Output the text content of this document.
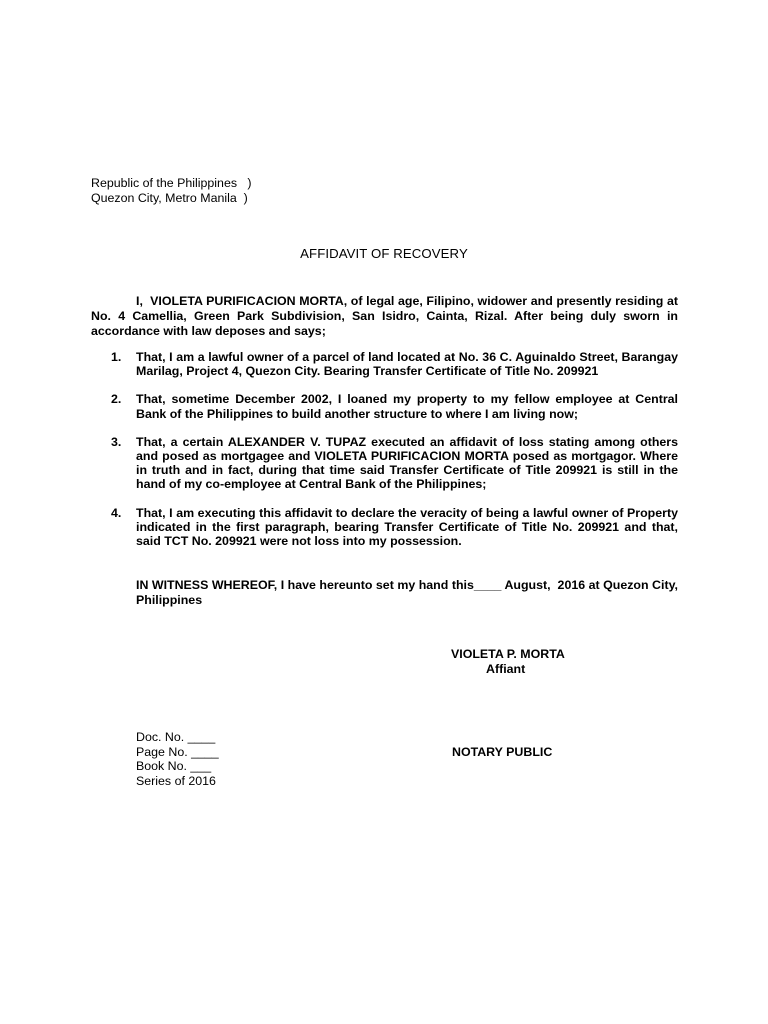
Republic of the Philippines   )
Quezon City, Metro Manila  )
AFFIDAVIT OF RECOVERY
I,  VIOLETA PURIFICACION MORTA, of legal age, Filipino, widower and presently residing at No. 4 Camellia, Green Park Subdivision, San Isidro, Cainta, Rizal. After being duly sworn in accordance with law deposes and says;
1. That, I am a lawful owner of a parcel of land located at No. 36 C. Aguinaldo Street, Barangay Marilag, Project 4, Quezon City. Bearing Transfer Certificate of Title No. 209921
2. That, sometime December 2002, I loaned my property to my fellow employee at Central Bank of the Philippines to build another structure to where I am living now;
3. That, a certain ALEXANDER V. TUPAZ executed an affidavit of loss stating among others and posed as mortgagee and VIOLETA PURIFICACION MORTA posed as mortgagor. Where in truth and in fact, during that time said Transfer Certificate of Title 209921 is still in the hand of my co-employee at Central Bank of the Philippines;
4. That, I am executing this affidavit to declare the veracity of being a lawful owner of Property indicated in the first paragraph, bearing Transfer Certificate of Title No. 209921 and that, said TCT No. 209921 were not loss into my possession.
IN WITNESS WHEREOF, I have hereunto set my hand this____ August,  2016 at Quezon City, Philippines
VIOLETA P. MORTA
Affiant
Doc. No. ____
Page No. ____
Book No. ___
Series of 2016
NOTARY PUBLIC
